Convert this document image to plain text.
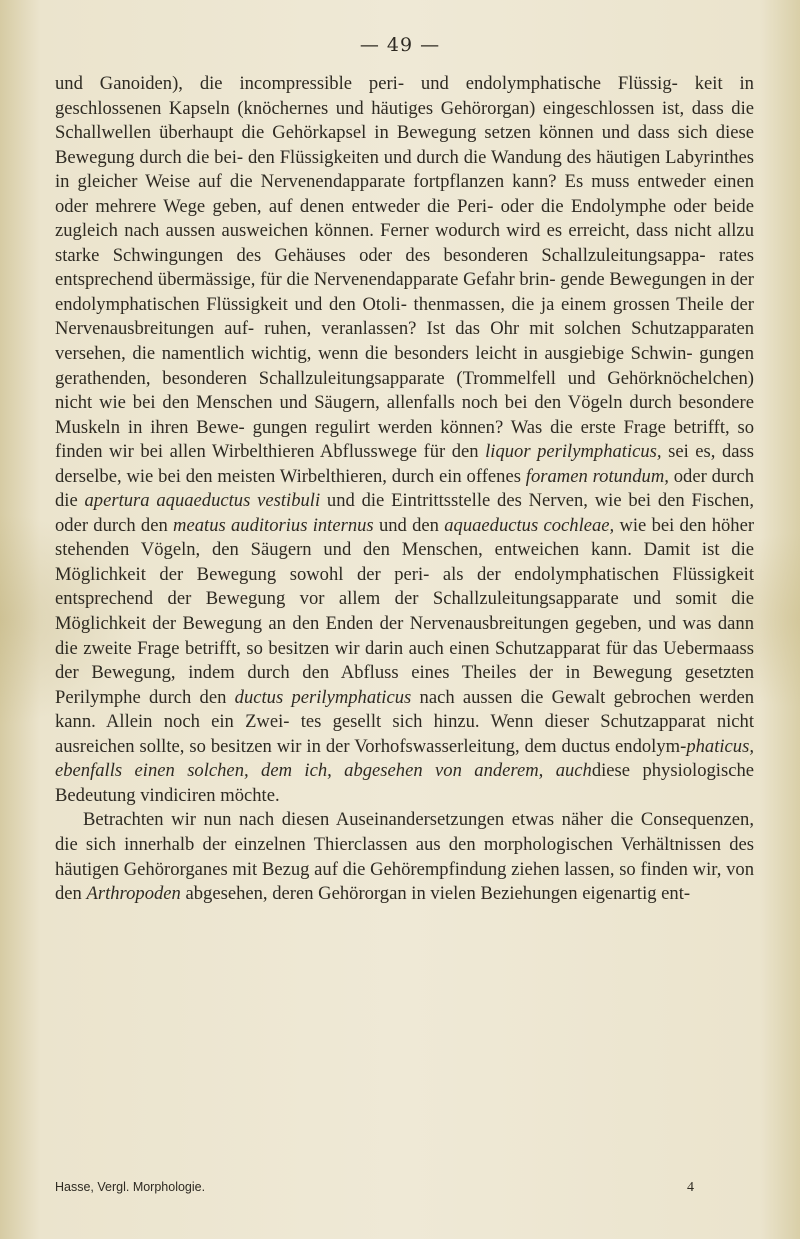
— 49 —

und Ganoiden), die incompressible peri- und endolymphatische Flüssig- keit in geschlossenen Kapseln (knöchernes und häutiges Gehörorgan) eingeschlossen ist, dass die Schallwellen überhaupt die Gehörkapsel in Bewegung setzen können und dass sich diese Bewegung durch die bei- den Flüssigkeiten und durch die Wandung des häutigen Labyrinthes in gleicher Weise auf die Nervenendapparate fortpflanzen kann? Es muss entweder einen oder mehrere Wege geben, auf denen entweder die Peri- oder die Endolymphe oder beide zugleich nach aussen ausweichen können. Ferner wodurch wird es erreicht, dass nicht allzu starke Schwingungen des Gehäuses oder des besonderen Schallzuleitungsappa- rates entsprechend übermässige, für die Nervenendapparate Gefahr brin- gende Bewegungen in der endolymphatischen Flüssigkeit und den Otoli- thenmassen, die ja einem grossen Theile der Nervenausbreitungen auf- ruhen, veranlassen? Ist das Ohr mit solchen Schutzapparaten versehen, die namentlich wichtig, wenn die besonders leicht in ausgiebige Schwin- gungen gerathenden, besonderen Schallzuleitungsapparate (Trommelfell und Gehörknöchelchen) nicht wie bei den Menschen und Säugern, allenfalls noch bei den Vögeln durch besondere Muskeln in ihren Bewe- gungen regulirt werden können? Was die erste Frage betrifft, so finden wir bei allen Wirbelthieren Abflusswege für den liquor perilymphaticus, sei es, dass derselbe, wie bei den meisten Wirbelthieren, durch ein offenes foramen rotundum, oder durch die apertura aquaeductus vestibuli und die Eintrittsstelle des Nerven, wie bei den Fischen, oder durch den meatus auditorius internus und den aquaeductus cochleae, wie bei den höher stehenden Vögeln, den Säugern und den Menschen, entweichen kann. Damit ist die Möglichkeit der Bewegung sowohl der peri- als der endolymphatischen Flüssigkeit entsprechend der Bewegung vor allem der Schallzuleitungsapparate und somit die Möglichkeit der Bewegung an den Enden der Nervenausbreitungen gegeben, und was dann die zweite Frage betrifft, so besitzen wir darin auch einen Schutzapparat für das Uebermaass der Bewegung, indem durch den Abfluss eines Theiles der in Bewegung gesetzten Perilymphe durch den ductus perilymphaticus nach aussen die Gewalt gebrochen werden kann. Allein noch ein Zwei- tes gesellt sich hinzu. Wenn dieser Schutzapparat nicht ausreichen sollte, so besitzen wir in der Vorhofswasserleitung, dem ductus endolym-phaticus, ebenfalls einen solchen, dem ich, abgesehen von anderem, auchdiese physiologische Bedeutung vindiciren möchte.

Betrachten wir nun nach diesen Auseinandersetzungen etwas näher die Consequenzen, die sich innerhalb der einzelnen Thierclassen aus den morphologischen Verhältnissen des häutigen Gehörorganes mit Bezug auf die Gehörempfindung ziehen lassen, so finden wir, von den Arthropoden abgesehen, deren Gehörorgan in vielen Beziehungen eigenartig ent-

Hasse, Vergl. Morphologie.	4
